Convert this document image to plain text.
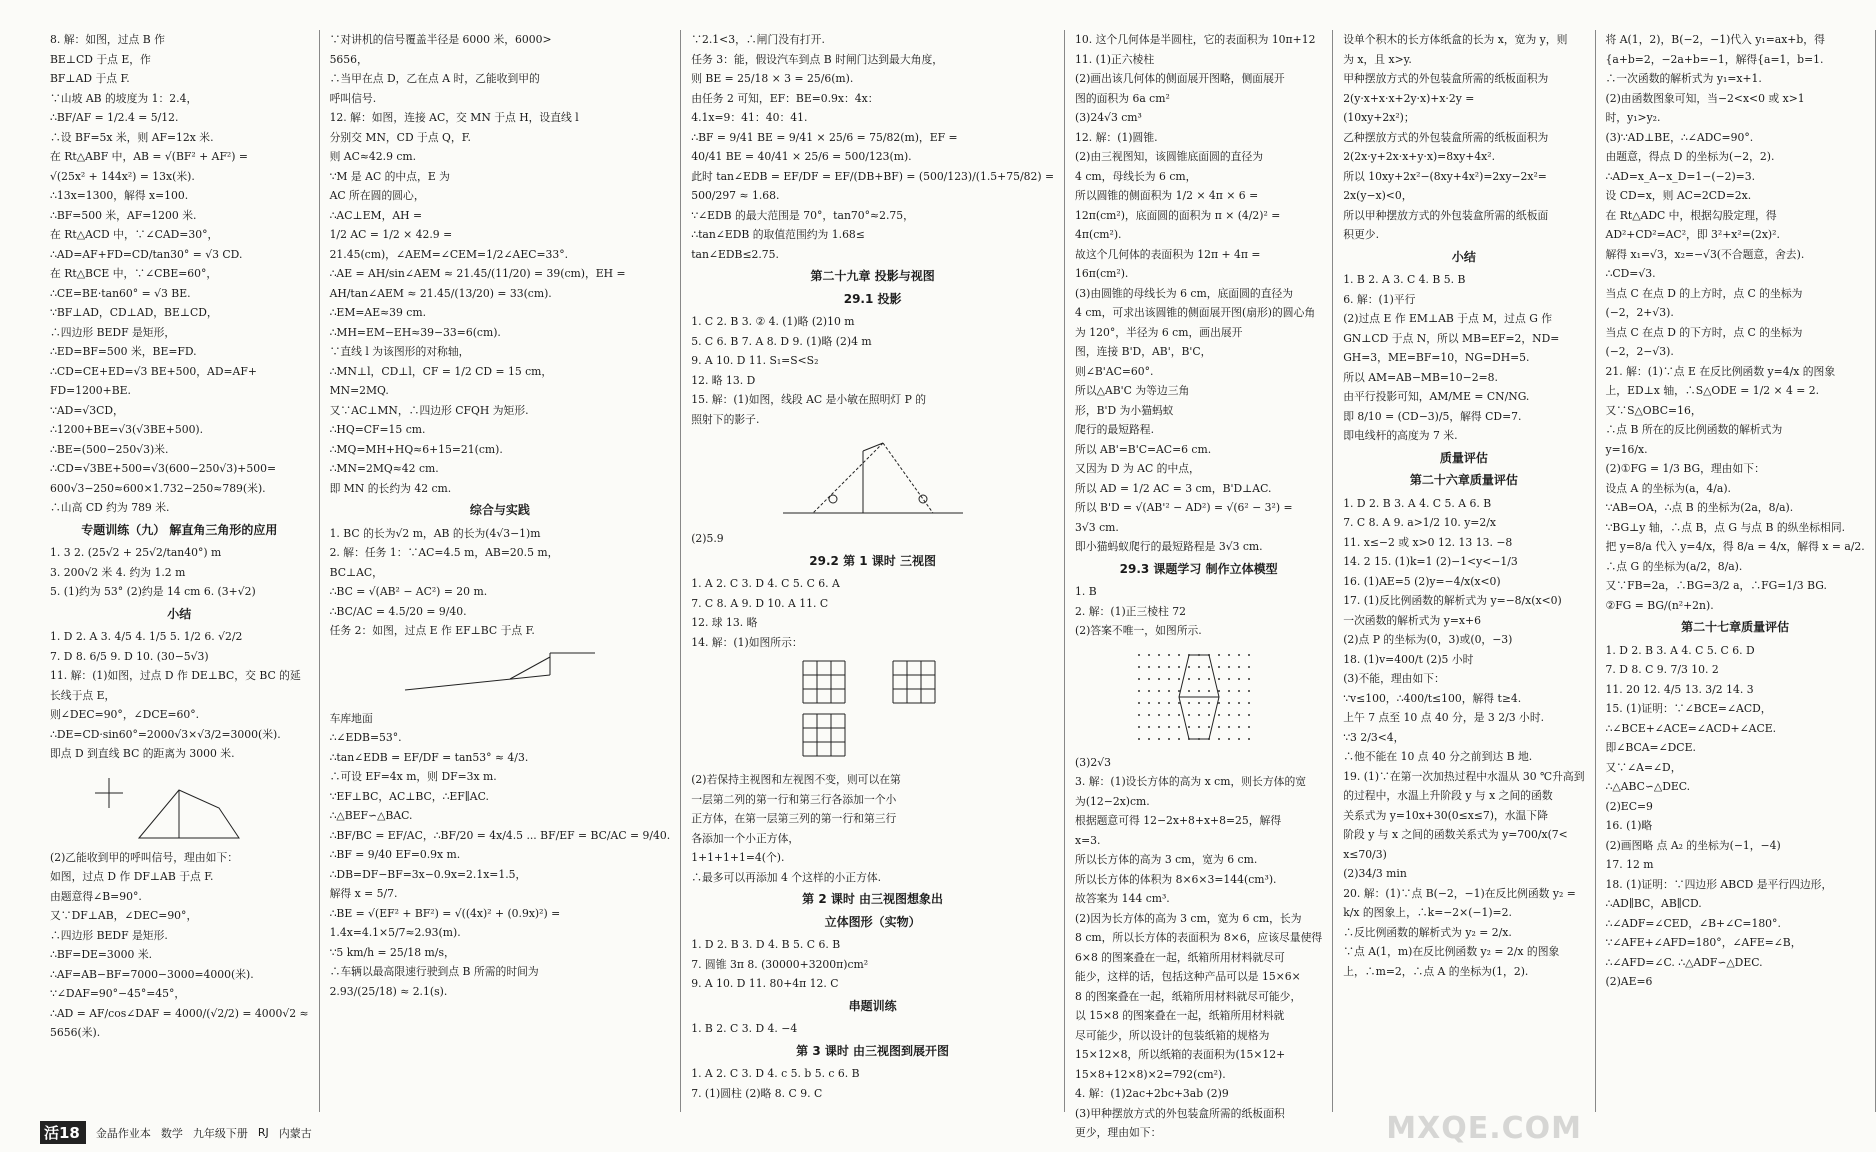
8. 解：如图，过点 B 作
BE⊥CD 于点 E，作
BF⊥AD 于点 F.
∵山坡 AB 的坡度为 1：2.4，
∴BF/AF = 1/2.4 = 5/12.
∴设 BF=5x 米，则 AF=12x 米.
在 Rt△ABF 中，AB = √(BF² + AF²) =
√(25x² + 144x²) = 13x(米).
∴13x=1300，解得 x=100.
∴BF=500 米，AF=1200 米.
在 Rt△ACD 中，∵∠CAD=30°，
∴AD=AF+FD=CD/tan30° = √3 CD.
在 Rt△BCE 中，∵∠CBE=60°，
∴CE=BE·tan60° = √3 BE.
∵BF⊥AD，CD⊥AD，BE⊥CD，
∴四边形 BEDF 是矩形，
∴ED=BF=500 米，BE=FD.
∴CD=CE+ED=√3 BE+500，AD=AF+
FD=1200+BE.
∵AD=√3CD，
∴1200+BE=√3(√3BE+500).
∴BE=(500−250√3)米.
∴CD=√3BE+500=√3(600−250√3)+500=
600√3−250≈600×1.732−250≈789(米).
∴山高 CD 约为 789 米.
专题训练（九） 解直角三角形的应用
1. 3 2. (25√2 + 25√2/tan40°) m
3. 200√2 米 4. 约为 1.2 m
5. (1)约为 53° (2)约是 14 cm 6. (3+√2)
小结
1. D 2. A 3. 4/5 4. 1/5 5. 1/2 6. √2/2
7. D 8. 6/5 9. D 10. (30−5√3)
11. 解：(1)如图，过点 D 作 DE⊥BC，交 BC 的延
长线于点 E，
则∠DEC=90°，∠DCE=60°.
∴DE=CD·sin60°=2000√3×√3/2=3000(米).
即点 D 到直线 BC 的距离为 3000 米.
(2)乙能收到甲的呼叫信号，理由如下：
如图，过点 D 作 DF⊥AB 于点 F.
由题意得∠B=90°.
又∵DF⊥AB，∠DEC=90°，
∴四边形 BEDF 是矩形.
∴BF=DE=3000 米.
∴AF=AB−BF=7000−3000=4000(米).
∵∠DAF=90°−45°=45°，
∴AD = AF/cos∠DAF = 4000/(√2/2) = 4000√2 ≈
5656(米).
∵对讲机的信号覆盖半径是 6000 米，6000>
5656，
∴当甲在点 D，乙在点 A 时，乙能收到甲的
呼叫信号.
12. 解：如图，连接 AC，交 MN 于点 H，设直线 l
分别交 MN，CD 于点 Q，F.
则 AC≈42.9 cm.
∵M 是 AC 的中点，E 为
AC 所在圆的圆心，
∴AC⊥EM，AH =
1/2 AC = 1/2 × 42.9 =
21.45(cm)，∠AEM=∠CEM=1/2∠AEC=33°.
∴AE = AH/sin∠AEM ≈ 21.45/(11/20) = 39(cm)，EH =
AH/tan∠AEM ≈ 21.45/(13/20) = 33(cm).
∴EM=AE≈39 cm.
∴MH=EM−EH≈39−33=6(cm).
∵直线 l 为该图形的对称轴，
∴MN⊥l，CD⊥l，CF = 1/2 CD = 15 cm，
MN=2MQ.
又∵AC⊥MN，∴四边形 CFQH 为矩形.
∴HQ=CF=15 cm.
∴MQ=MH+HQ≈6+15=21(cm).
∴MN=2MQ≈42 cm.
即 MN 的长约为 42 cm.
综合与实践
1. BC 的长为√2 m，AB 的长为(4√3−1)m
2. 解：任务 1：∵AC=4.5 m，AB=20.5 m，
BC⊥AC，
∴BC = √(AB² − AC²) = 20 m.
∴BC/AC = 4.5/20 = 9/40.
任务 2：如图，过点 E 作 EF⊥BC 于点 F.
车库地面
∴∠EDB=53°.
∴tan∠EDB = EF/DF = tan53° ≈ 4/3.
∴可设 EF=4x m，则 DF=3x m.
∵EF⊥BC，AC⊥BC，∴EF∥AC.
∴△BEF∽△BAC.
∴BF/BC = EF/AC，∴BF/20 = 4x/4.5 ... BF/EF = BC/AC = 9/40.
∴BF = 9/40 EF=0.9x m.
∴DB=DF−BF=3x−0.9x=2.1x=1.5，
解得 x = 5/7.
∴BE = √(EF² + BF²) = √((4x)² + (0.9x)²) =
1.4x=4.1×5/7≈2.93(m).
∵5 km/h = 25/18 m/s，
∴车辆以最高限速行驶到点 B 所需的时间为
2.93/(25/18) ≈ 2.1(s).
∵2.1<3，∴闸门没有打开.
任务 3：能，假设汽车到点 B 时闸门达到最大角度，
则 BE = 25/18 × 3 = 25/6(m).
由任务 2 可知，EF：BE=0.9x：4x：
4.1x=9：41：40：41.
∴BF = 9/41 BE = 9/41 × 25/6 = 75/82(m)，EF =
40/41 BE = 40/41 × 25/6 = 500/123(m).
此时 tan∠EDB = EF/DF = EF/(DB+BF) = (500/123)/(1.5+75/82) =
500/297 ≈ 1.68.
∵∠EDB 的最大范围是 70°，tan70°≈2.75，
∴tan∠EDB 的取值范围约为 1.68≤
tan∠EDB≤2.75.
第二十九章 投影与视图
29.1 投影
1. C 2. B 3. ② 4. (1)略 (2)10 m
5. C 6. B 7. A 8. D 9. (1)略 (2)4 m
9. A 10. D 11. S₁=S<S₂
12. 略 13. D
15. 解：(1)如图，线段 AC 是小敏在照明灯 P 的
照射下的影子.
(2)5.9
29.2 第 1 课时 三视图
1. A 2. C 3. D 4. C 5. C 6. A
7. C 8. A 9. D 10. A 11. C
12. 球 13. 略
14. 解：(1)如图所示：
(2)若保持主视图和左视图不变，则可以在第
一层第二列的第一行和第三行各添加一个小
正方体，在第一层第三列的第一行和第三行
各添加一个小正方体，
1+1+1+1=4(个).
∴最多可以再添加 4 个这样的小正方体.
第 2 课时 由三视图想象出
立体图形（实物）
1. D 2. B 3. D 4. B 5. C 6. B
7. 圆锥 3π 8. (30000+3200π)cm²
9. A 10. D 11. 80+4π 12. C
串题训练
1. B 2. C 3. D 4. −4
第 3 课时 由三视图到展开图
1. A 2. C 3. D 4. c 5. b 5. c 6. B
7. (1)圆柱 (2)略 8. C 9. C
10. 这个几何体是半圆柱，它的表面积为 10π+12
11. (1)正六棱柱
(2)画出该几何体的侧面展开图略，侧面展开
图的面积为 6a cm²
(3)24√3 cm³
12. 解：(1)圆锥.
(2)由三视图知，该圆锥底面圆的直径为
4 cm，母线长为 6 cm，
所以圆锥的侧面积为 1/2 × 4π × 6 =
12π(cm²)，底面圆的面积为 π × (4/2)² =
4π(cm²).
故这个几何体的表面积为 12π + 4π =
16π(cm²).
(3)由圆锥的母线长为 6 cm，底面圆的直径为
4 cm，可求出该圆锥的侧面展开图(扇形)的圆心角
为 120°，半径为 6 cm，画出展开
图，连接 B'D，AB'，B'C，
则∠B'AC=60°.
所以△AB'C 为等边三角
形，B'D 为小猫蚂蚁
爬行的最短路程.
所以 AB'=B'C=AC=6 cm.
又因为 D 为 AC 的中点，
所以 AD = 1/2 AC = 3 cm，B'D⊥AC.
所以 B'D = √(AB'² − AD²) = √(6² − 3²) =
3√3 cm.
即小猫蚂蚁爬行的最短路程是 3√3 cm.
29.3 课题学习 制作立体模型
1. B
2. 解：(1)正三棱柱 72
(2)答案不唯一，如图所示.
(3)2√3
3. 解：(1)设长方体的高为 x cm，则长方体的宽
为(12−2x)cm.
根据题意可得 12−2x+8+x+8=25，解得
x=3.
所以长方体的高为 3 cm，宽为 6 cm.
所以长方体的体积为 8×6×3=144(cm³).
故答案为 144 cm³.
(2)因为长方体的高为 3 cm，宽为 6 cm，长为
8 cm，所以长方体的表面积为 8×6，应该尽量使得
6×8 的图案叠在一起，纸箱所用材料就尽可
能少，这样的话，包括这种产品可以是 15×6×
8 的图案叠在一起，纸箱所用材料就尽可能少，
以 15×8 的图案叠在一起，纸箱所用材料就
尽可能少，所以设计的包装纸箱的规格为
15×12×8，所以纸箱的表面积为(15×12+
15×8+12×8)×2=792(cm²).
4. 解：(1)2ac+2bc+3ab (2)9
(3)甲种摆放方式的外包装盒所需的纸板面积
更少，理由如下：
设单个积木的长方体纸盒的长为 x，宽为 y，则
为 x，且 x>y.
甲种摆放方式的外包装盒所需的纸板面积为
2(y·x+x·x+2y·x)+x·2y =
(10xy+2x²)；
乙种摆放方式的外包装盒所需的纸板面积为
2(2x·y+2x·x+y·x)=8xy+4x².
所以 10xy+2x²−(8xy+4x²)=2xy−2x²=
2x(y−x)<0，
所以甲种摆放方式的外包装盒所需的纸板面
积更少.
小结
1. B 2. A 3. C 4. B 5. B
6. 解：(1)平行
(2)过点 E 作 EM⊥AB 于点 M，过点 G 作
GN⊥CD 于点 N，所以 MB=EF=2，ND=
GH=3，ME=BF=10，NG=DH=5.
所以 AM=AB−MB=10−2=8.
由平行投影可知，AM/ME = CN/NG.
即 8/10 = (CD−3)/5，解得 CD=7.
即电线杆的高度为 7 米.
质量评估
第二十六章质量评估
1. D 2. B 3. A 4. C 5. A 6. B
7. C 8. A 9. a>1/2 10. y=2/x
11. x≤−2 或 x>0 12. 13 13. −8
14. 2 15. (1)k=1 (2)−1<y<−1/3
16. (1)AE=5 (2)y=−4/x(x<0)
17. (1)反比例函数的解析式为 y=−8/x(x<0)
一次函数的解析式为 y=x+6
(2)点 P 的坐标为(0，3)或(0，−3)
18. (1)v=400/t (2)5 小时
(3)不能，理由如下：
∵v≤100，∴400/t≤100，解得 t≥4.
上午 7 点至 10 点 40 分，是 3 2/3 小时.
∵3 2/3<4，
∴他不能在 10 点 40 分之前到达 B 地.
19. (1)∵在第一次加热过程中水温从 30 ℃升高到
的过程中，水温上升阶段 y 与 x 之间的函数
关系式为 y=10x+30(0≤x≤7)，水温下降
阶段 y 与 x 之间的函数关系式为 y=700/x(7<
x≤70/3)
(2)34/3 min
20. 解：(1)∵点 B(−2，−1)在反比例函数 y₂ =
k/x 的图象上，∴k=−2×(−1)=2.
∴反比例函数的解析式为 y₂ = 2/x.
∵点 A(1，m)在反比例函数 y₂ = 2/x 的图象
上，∴m=2，∴点 A 的坐标为(1，2).
将 A(1，2)，B(−2，−1)代入 y₁=ax+b，得
{a+b=2，−2a+b=−1，解得{a=1，b=1.
∴一次函数的解析式为 y₁=x+1.
(2)由函数图象可知，当−2<x<0 或 x>1
时，y₁>y₂.
(3)∵AD⊥BE，∴∠ADC=90°.
由题意，得点 D 的坐标为(−2，2).
∴AD=x_A−x_D=1−(−2)=3.
设 CD=x，则 AC=2CD=2x.
在 Rt△ADC 中，根据勾股定理，得
AD²+CD²=AC²，即 3²+x²=(2x)².
解得 x₁=√3，x₂=−√3(不合题意，舍去).
∴CD=√3.
当点 C 在点 D 的上方时，点 C 的坐标为
(−2，2+√3).
当点 C 在点 D 的下方时，点 C 的坐标为
(−2，2−√3).
21. 解：(1)∵点 E 在反比例函数 y=4/x 的图象
上，ED⊥x 轴，∴S△ODE = 1/2 × 4 = 2.
又∵S△OBC=16，
∴点 B 所在的反比例函数的解析式为
y=16/x.
(2)①FG = 1/3 BG，理由如下：
设点 A 的坐标为(a，4/a).
∵AB=OA，∴点 B 的坐标为(2a，8/a).
∵BG⊥y 轴，∴点 B，点 G 与点 B 的纵坐标相同.
把 y=8/a 代入 y=4/x，得 8/a = 4/x，解得 x = a/2.
∴点 G 的坐标为(a/2，8/a).
又∵FB=2a，∴BG=3/2 a，∴FG=1/3 BG.
②FG = BG/(n²+2n).
第二十七章质量评估
1. D 2. B 3. A 4. C 5. C 6. D
7. D 8. C 9. 7/3 10. 2
11. 20 12. 4/5 13. 3/2 14. 3
15. (1)证明：∵∠BCE=∠ACD，
∴∠BCE+∠ACE=∠ACD+∠ACE.
即∠BCA=∠DCE.
又∵∠A=∠D，
∴△ABC∽△DEC.
(2)EC=9
16. (1)略
(2)画图略 点 A₂ 的坐标为(−1，−4)
17. 12 m
18. (1)证明：∵四边形 ABCD 是平行四边形，
∴AD∥BC，AB∥CD.
∴∠ADF=∠CED，∠B+∠C=180°.
∵∠AFE+∠AFD=180°，∠AFE=∠B，
∴∠AFD=∠C. ∴△ADF∽△DEC.
(2)AE=6
活18	金晶作业本 数学 九年级下册 RJ 内蒙古	MXQE.COM
